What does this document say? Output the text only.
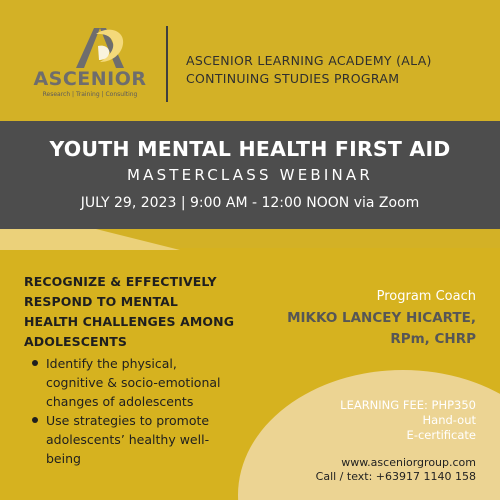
ASCENIOR
Research | Training | Consulting
ASCENIOR LEARNING ACADEMY (ALA)
CONTINUING STUDIES PROGRAM
YOUTH MENTAL HEALTH FIRST AID
MASTERCLASS WEBINAR
JULY 29, 2023 | 9:00 AM - 12:00 NOON via Zoom
RECOGNIZE & EFFECTIVELY RESPOND TO MENTAL HEALTH CHALLENGES AMONG ADOLESCENTS
Identify the physical, cognitive & socio-emotional changes of adolescents
Use strategies to promote adolescents’ healthy well-being
Program Coach
MIKKO LANCEY HICARTE,
RPm, CHRP
LEARNING FEE: PHP350
Hand-out
E-certificate
www.asceniorgroup.com
Call / text: +63917 1140 158
